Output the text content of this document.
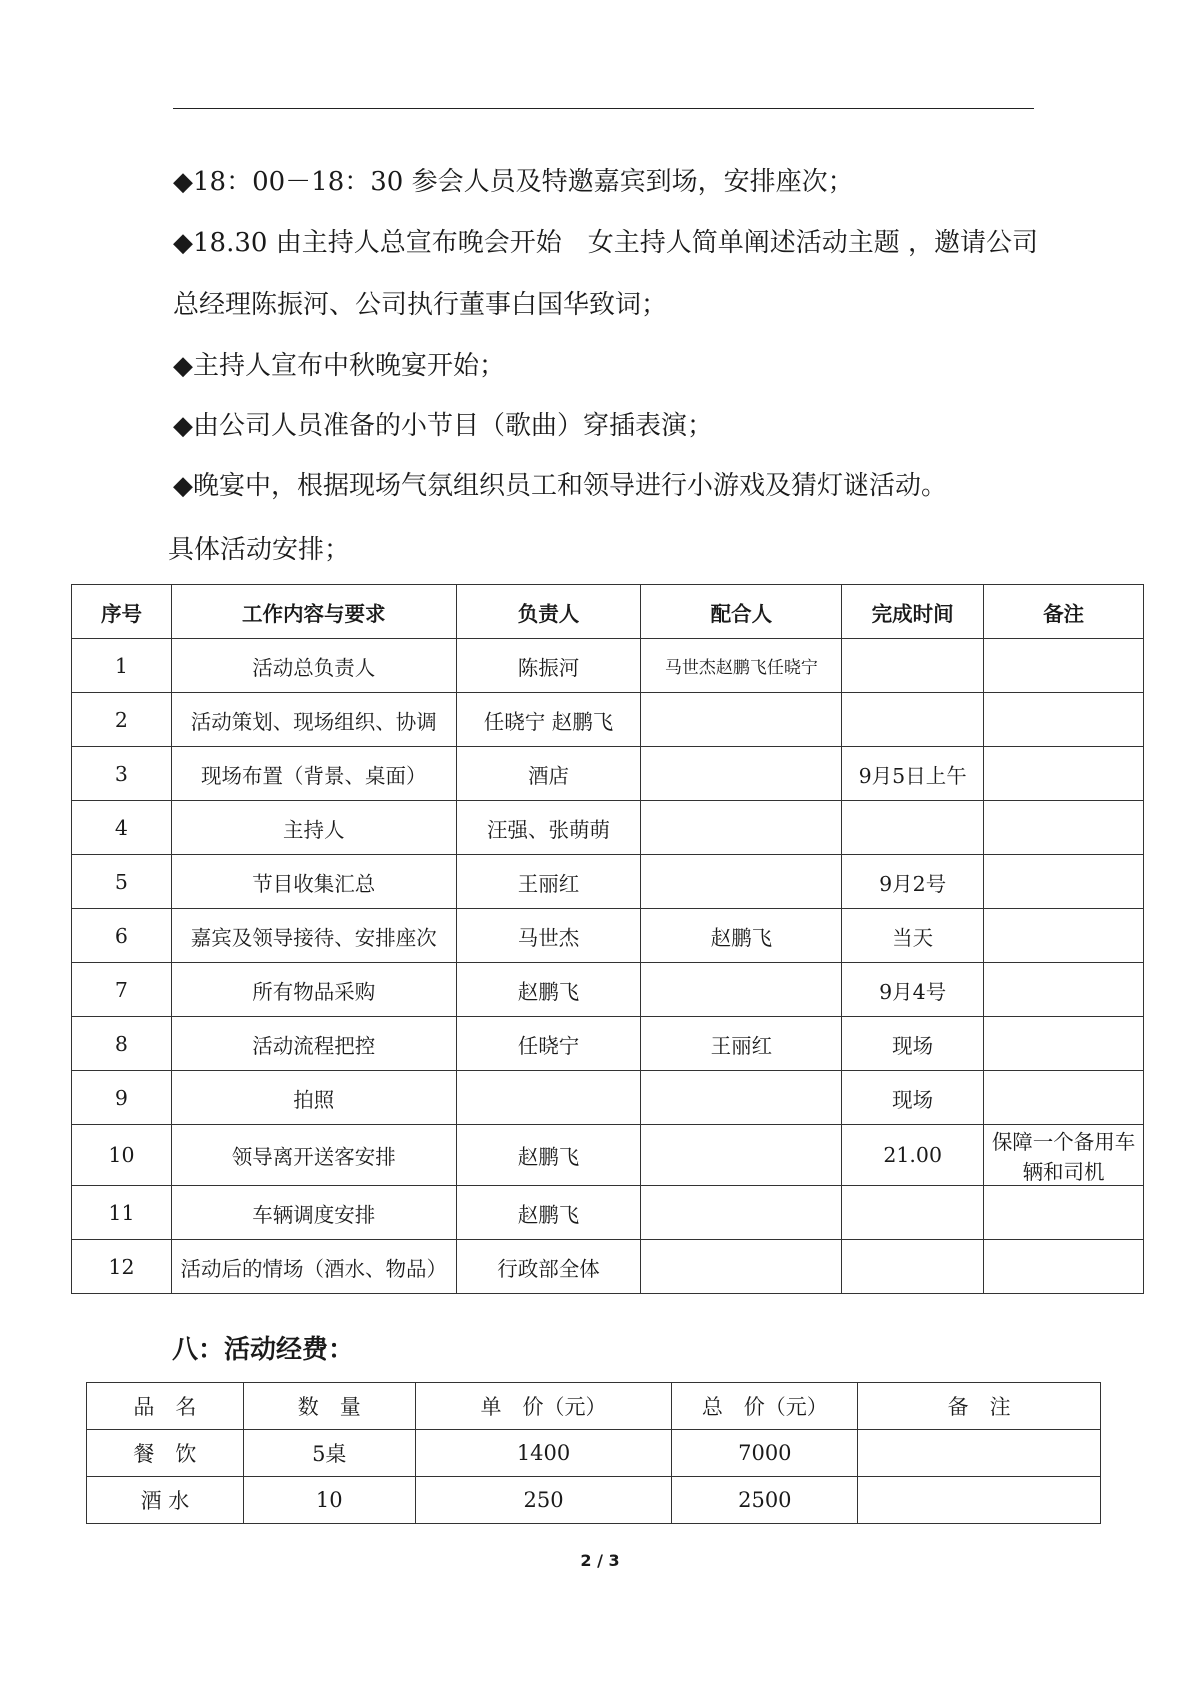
◆18：00－18：30 参会人员及特邀嘉宾到场，安排座次；

◆18.30 由主持人总宣布晚会开始　女主持人简单阐述活动主题 ，邀请公司总经理陈振河、公司执行董事白国华致词；

◆主持人宣布中秋晚宴开始；

◆由公司人员准备的小节目（歌曲）穿插表演；

◆晚宴中，根据现场气氛组织员工和领导进行小游戏及猜灯谜活动。

具体活动安排；
序号	工作内容与要求	负责人	配合人	完成时间	备注
1	活动总负责人	陈振河	马世杰赵鹏飞任晓宁		
2	活动策划、现场组织、协调	任晓宁 赵鹏飞			
3	现场布置（背景、桌面）	酒店		9月5日上午	
4	主持人	汪强、张萌萌			
5	节目收集汇总	王丽红		9月2号	
6	嘉宾及领导接待、安排座次	马世杰	赵鹏飞	当天	
7	所有物品采购	赵鹏飞		9月4号	
8	活动流程把控	任晓宁	王丽红	现场	
9	拍照			现场	
10	领导离开送客安排	赵鹏飞		21.00	保障一个备用车辆和司机
11	车辆调度安排	赵鹏飞			
12	活动后的情场（酒水、物品）	行政部全体			
八：活动经费：
品　名	数　量	单　价（元）	总　价（元）	备　注
餐　饮	5桌	1400	7000	
酒 水	10	250	2500	
2 / 3
